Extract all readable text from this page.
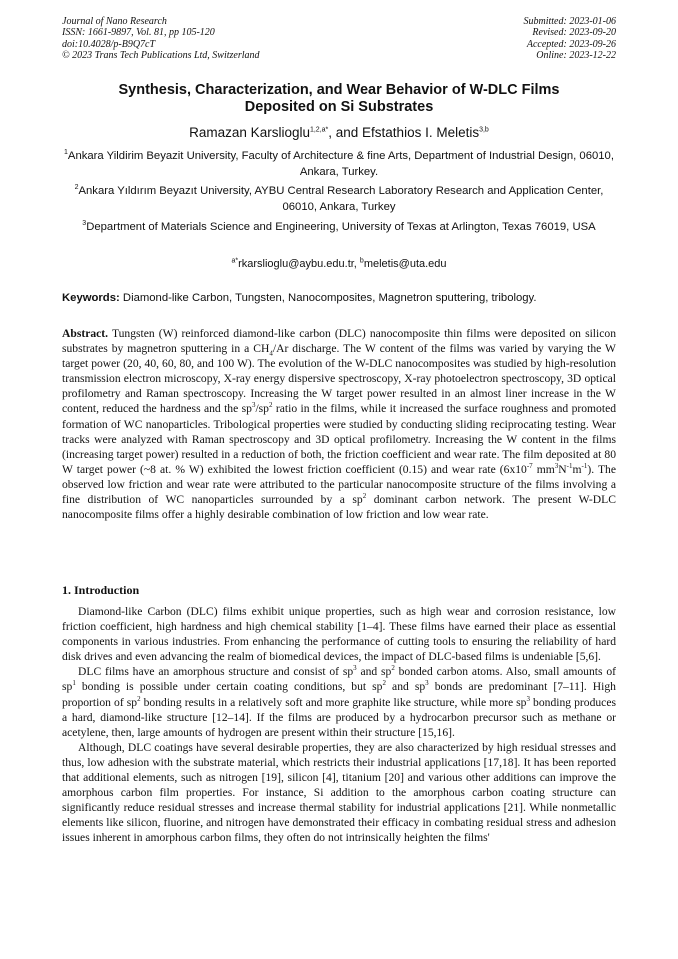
Journal of Nano Research
ISSN: 1661-9897, Vol. 81, pp 105-120
doi:10.4028/p-B9Q7cT
© 2023 Trans Tech Publications Ltd, Switzerland
Submitted: 2023-01-06
Revised: 2023-09-20
Accepted: 2023-09-26
Online: 2023-12-22
Synthesis, Characterization, and Wear Behavior of W-DLC Films
Deposited on Si Substrates
Ramazan Karslioglu$^{1,2,a*}$, and Efstathios I. Meletis$^{3,b}$
$^1$Ankara Yildirim Beyazit University, Faculty of Architecture & fine Arts, Department of Industrial Design, 06010, Ankara, Turkey.
$^2$Ankara Yıldırım Beyazıt University, AYBU Central Research Laboratory Research and Application Center, 06010, Ankara, Turkey
$^3$Department of Materials Science and Engineering, University of Texas at Arlington, Texas 76019, USA
$^{a*}$rkarslioglu@aybu.edu.tr, $^b$meletis@uta.edu
Keywords: Diamond-like Carbon, Tungsten, Nanocomposites, Magnetron sputtering, tribology.
Abstract. Tungsten (W) reinforced diamond-like carbon (DLC) nanocomposite thin films were deposited on silicon substrates by magnetron sputtering in a $CH_4/Ar$ discharge. The W content of the films was varied by varying the W target power (20, 40, 60, 80, and 100 W). The evolution of the W-DLC nanocomposites was studied by high-resolution transmission electron microscopy, X-ray energy dispersive spectroscopy, X-ray photoelectron spectroscopy, 3D optical profilometry and Raman spectroscopy. Increasing the W target power resulted in an almost liner increase in the W content, reduced the hardness and the $sp^3/sp^2$ ratio in the films, while it increased the surface roughness and promoted formation of WC nanoparticles. Tribological properties were studied by conducting sliding reciprocating testing. Wear tracks were analyzed with Raman spectroscopy and 3D optical profilometry. Increasing the W content in the films (increasing target power) resulted in a reduction of both, the friction coefficient and wear rate. The film deposited at 80 W target power (~8 at. % W) exhibited the lowest friction coefficient (0.15) and wear rate ($6x10^{-7}$ $mm^3N^{-1}m^{-1}$). The observed low friction and wear rate were attributed to the particular nanocomposite structure of the films involving a fine distribution of WC nanoparticles surrounded by a $sp^2$ dominant carbon network. The present W-DLC nanocomposite films offer a highly desirable combination of low friction and low wear rate.
1. Introduction

Diamond-like Carbon (DLC) films exhibit unique properties, such as high wear and corrosion resistance, low friction coefficient, high hardness and high chemical stability [1–4]. These films have earned their place as essential components in various industries. From enhancing the performance of cutting tools to ensuring the reliability of hard disk drives and even advancing the realm of biomedical devices, the impact of DLC-based films is undeniable [5,6].

DLC films have an amorphous structure and consist of $sp^3$ and $sp^2$ bonded carbon atoms. Also, small amounts of $sp^1$ bonding is possible under certain coating conditions, but $sp^2$ and $sp^3$ bonds are predominant [7–11]. High proportion of $sp^2$ bonding results in a relatively soft and more graphite like structure, while more $sp^3$ bonding produces a hard, diamond-like structure [12–14]. If the films are produced by a hydrocarbon precursor such as methane or acetylene, then, large amounts of hydrogen are present within their structure [15,16].

Although, DLC coatings have several desirable properties, they are also characterized by high residual stresses and thus, low adhesion with the substrate material, which restricts their industrial applications [17,18]. It has been reported that additional elements, such as nitrogen [19], silicon [4], titanium [20] and various other additions can improve the amorphous carbon film properties. For instance, Si addition to the amorphous carbon coating structure can significantly reduce residual stresses and increase thermal stability for industrial applications [21]. While nonmetallic elements like silicon, fluorine, and nitrogen have demonstrated their efficacy in combating residual stress and adhesion issues inherent in amorphous carbon films, they often do not intrinsically heighten the films'
